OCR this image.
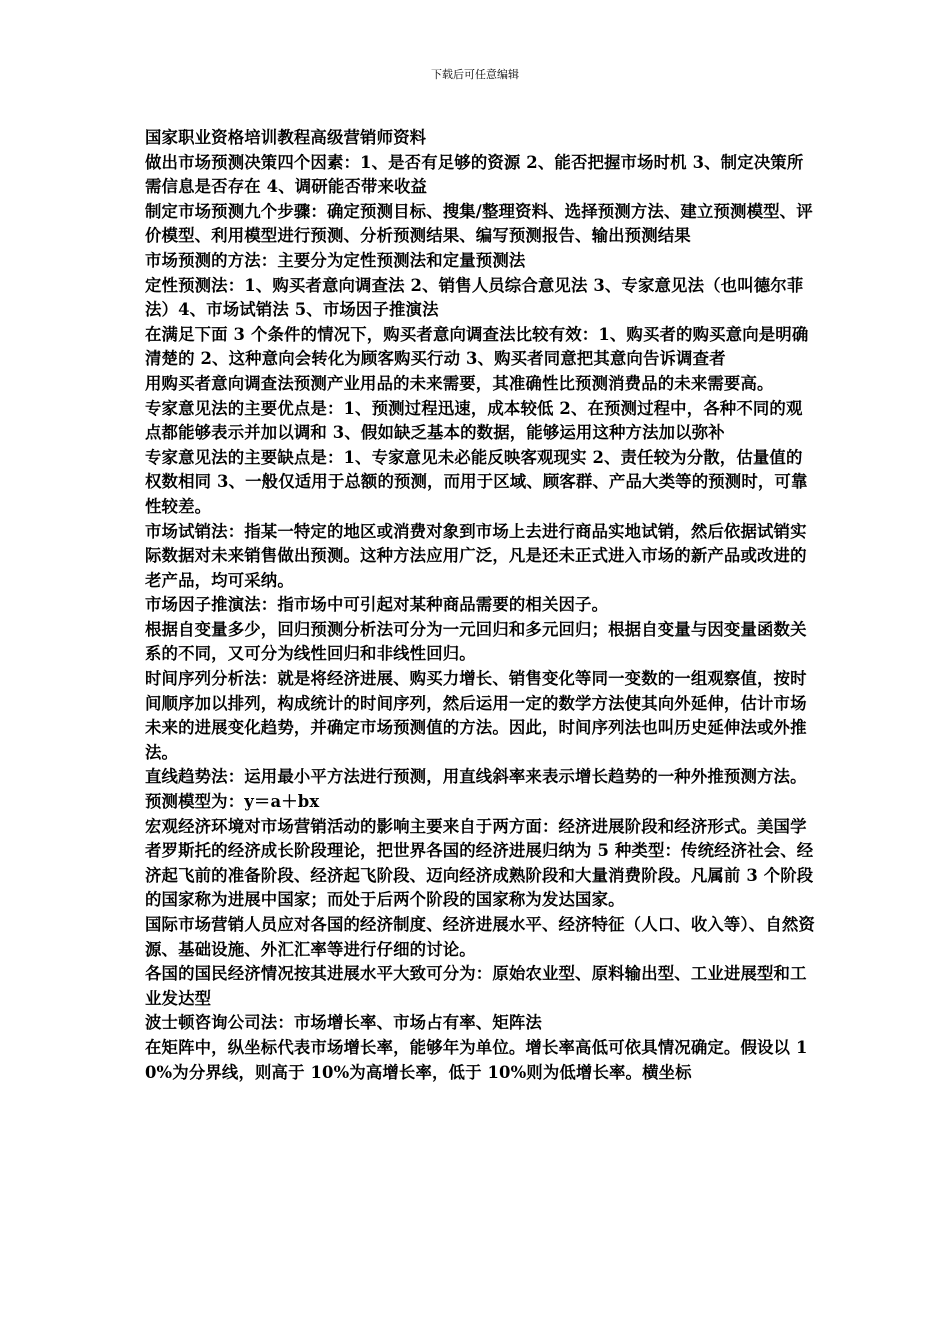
下载后可任意编辑

国家职业资格培训教程高级营销师资料

做出市场预测决策四个因素：1、是否有足够的资源 2、能否把握市场时机 3、制定决策所需信息是否存在 4、调研能否带来收益

制定市场预测九个步骤：确定预测目标、搜集/整理资料、选择预测方法、建立预测模型、评价模型、利用模型进行预测、分析预测结果、编写预测报告、输出预测结果

市场预测的方法：主要分为定性预测法和定量预测法

定性预测法：1、购买者意向调查法 2、销售人员综合意见法 3、专家意见法（也叫德尔菲法）4、市场试销法 5、市场因子推演法

在满足下面 3 个条件的情况下，购买者意向调查法比较有效：1、购买者的购买意向是明确清楚的 2、这种意向会转化为顾客购买行动 3、购买者同意把其意向告诉调查者

用购买者意向调查法预测产业用品的未来需要，其准确性比预测消费品的未来需要高。

专家意见法的主要优点是：1、预测过程迅速，成本较低 2、在预测过程中，各种不同的观点都能够表示并加以调和 3、假如缺乏基本的数据，能够运用这种方法加以弥补

专家意见法的主要缺点是：1、专家意见未必能反映客观现实 2、责任较为分散，估量值的权数相同 3、一般仅适用于总额的预测，而用于区域、顾客群、产品大类等的预测时，可靠性较差。

市场试销法：指某一特定的地区或消费对象到市场上去进行商品实地试销，然后依据试销实际数据对未来销售做出预测。这种方法应用广泛，凡是还未正式进入市场的新产品或改进的老产品，均可采纳。

市场因子推演法：指市场中可引起对某种商品需要的相关因子。

根据自变量多少，回归预测分析法可分为一元回归和多元回归；根据自变量与因变量函数关系的不同，又可分为线性回归和非线性回归。

时间序列分析法：就是将经济进展、购买力增长、销售变化等同一变数的一组观察值，按时间顺序加以排列，构成统计的时间序列，然后运用一定的数学方法使其向外延伸，估计市场未来的进展变化趋势，并确定市场预测值的方法。因此，时间序列法也叫历史延伸法或外推法。

直线趋势法：运用最小平方法进行预测，用直线斜率来表示增长趋势的一种外推预测方法。预测模型为：y＝a＋bx

宏观经济环境对市场营销活动的影响主要来自于两方面：经济进展阶段和经济形式。美国学者罗斯托的经济成长阶段理论，把世界各国的经济进展归纳为 5 种类型：传统经济社会、经济起飞前的准备阶段、经济起飞阶段、迈向经济成熟阶段和大量消费阶段。凡属前 3 个阶段的国家称为进展中国家；而处于后两个阶段的国家称为发达国家。

国际市场营销人员应对各国的经济制度、经济进展水平、经济特征（人口、收入等）、自然资源、基础设施、外汇汇率等进行仔细的讨论。

各国的国民经济情况按其进展水平大致可分为：原始农业型、原料输出型、工业进展型和工业发达型

波士顿咨询公司法：市场增长率、市场占有率、矩阵法

在矩阵中，纵坐标代表市场增长率，能够年为单位。增长率高低可依具情况确定。假设以 10%为分界线，则高于 10%为高增长率，低于 10%则为低增长率。横坐标
